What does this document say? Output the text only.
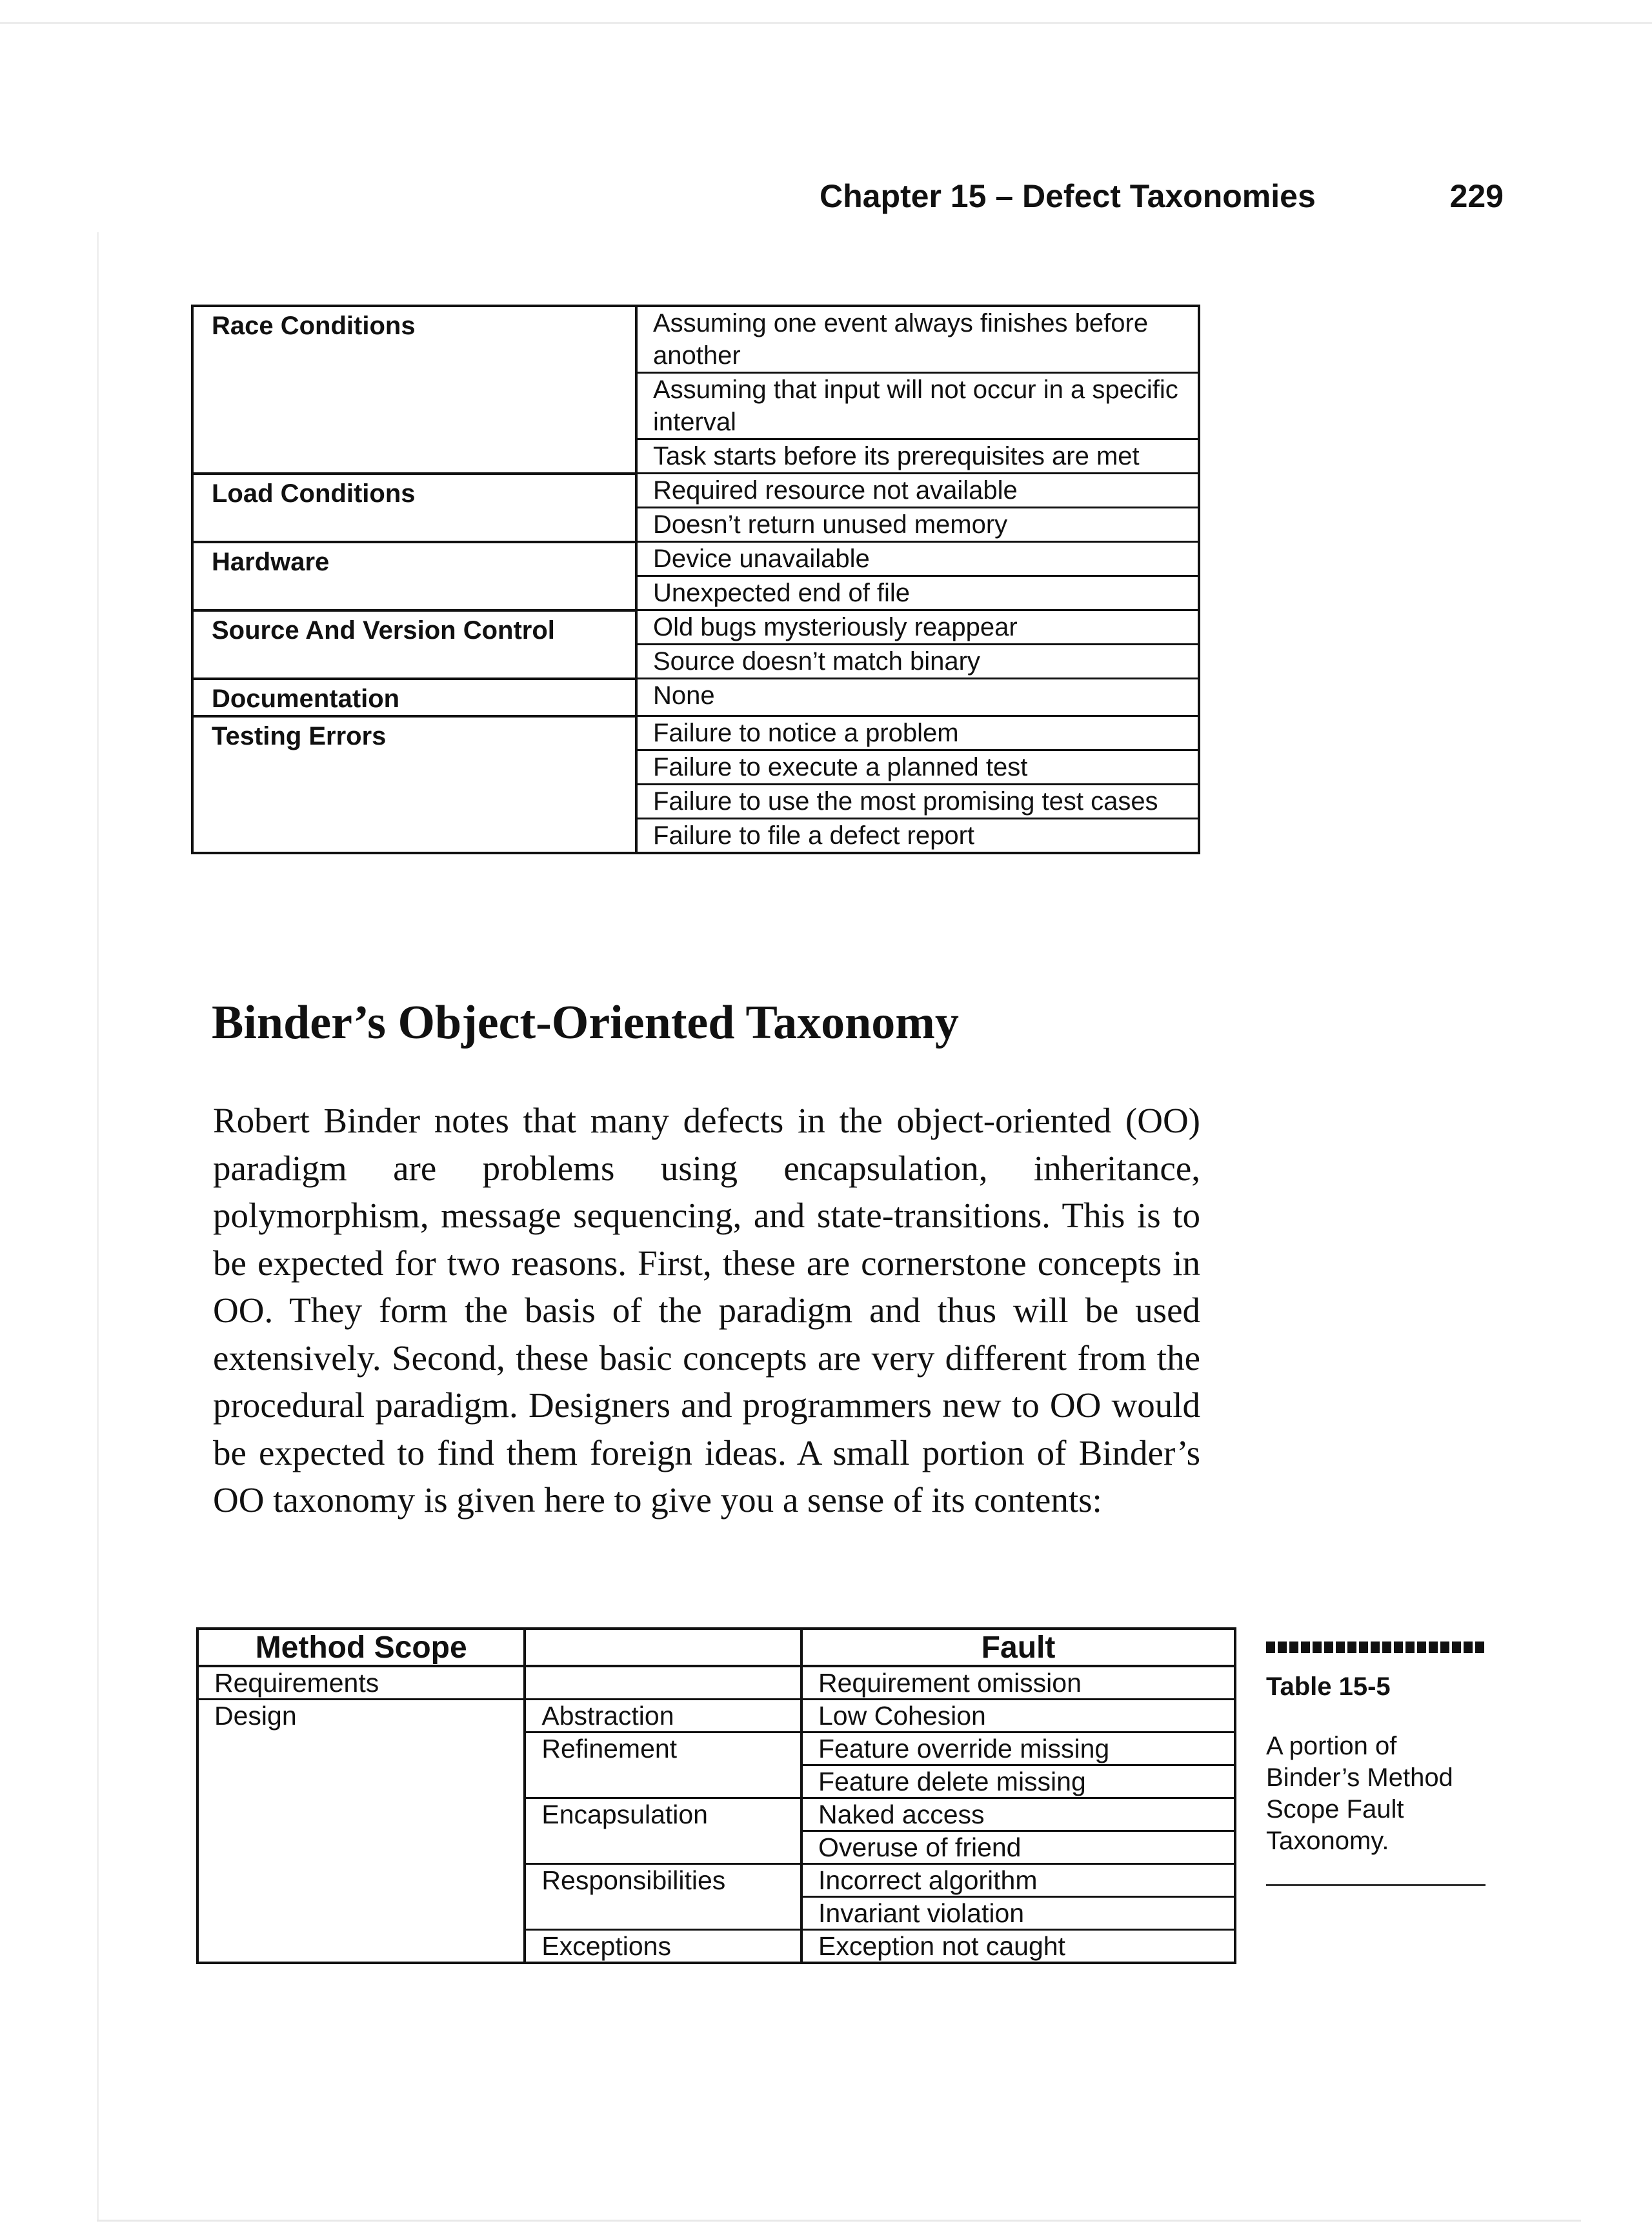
Chapter 15 – Defect Taxonomies	229
Race Conditions	Assuming one event always finishes before another
	Assuming that input will not occur in a specific interval
	Task starts before its prerequisites are met
Load Conditions	Required resource not available
	Doesn’t return unused memory
Hardware	Device unavailable
	Unexpected end of file
Source And Version Control	Old bugs mysteriously reappear
	Source doesn’t match binary
Documentation	None
Testing Errors	Failure to notice a problem
	Failure to execute a planned test
	Failure to use the most promising test cases
	Failure to file a defect report
Binder’s Object-Oriented Taxonomy

Robert Binder notes that many defects in the object-oriented (OO) paradigm are problems using encapsulation, inheritance, polymorphism, message sequencing, and state-transitions. This is to be expected for two reasons. First, these are cornerstone concepts in OO. They form the basis of the paradigm and thus will be used extensively. Second, these basic concepts are very different from the procedural paradigm. Designers and programmers new to OO would be expected to find them foreign ideas. A small portion of Binder’s OO taxonomy is given here to give you a sense of its contents:

Method Scope		Fault
Requirements		Requirement omission
Design	Abstraction	Low Cohesion
	Refinement	Feature override missing
		Feature delete missing
	Encapsulation	Naked access
		Overuse of friend
	Responsibilities	Incorrect algorithm
		Invariant violation
	Exceptions	Exception not caught

Table 15-5

A portion of Binder’s Method Scope Fault Taxonomy.
